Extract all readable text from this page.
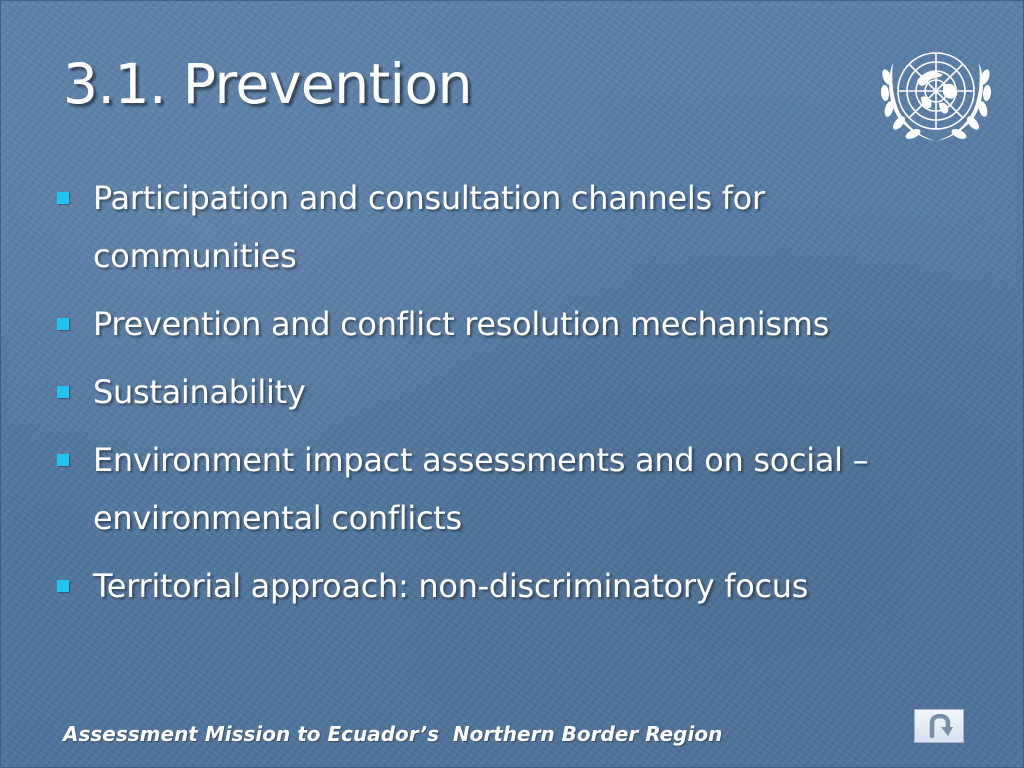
3.1. Prevention
Participation and consultation channels for communities
Prevention and conflict resolution mechanisms
Sustainability
Environment impact assessments and on social – environmental conflicts
Territorial approach: non-discriminatory focus
Assessment Mission to Ecuador’s  Northern Border Region
